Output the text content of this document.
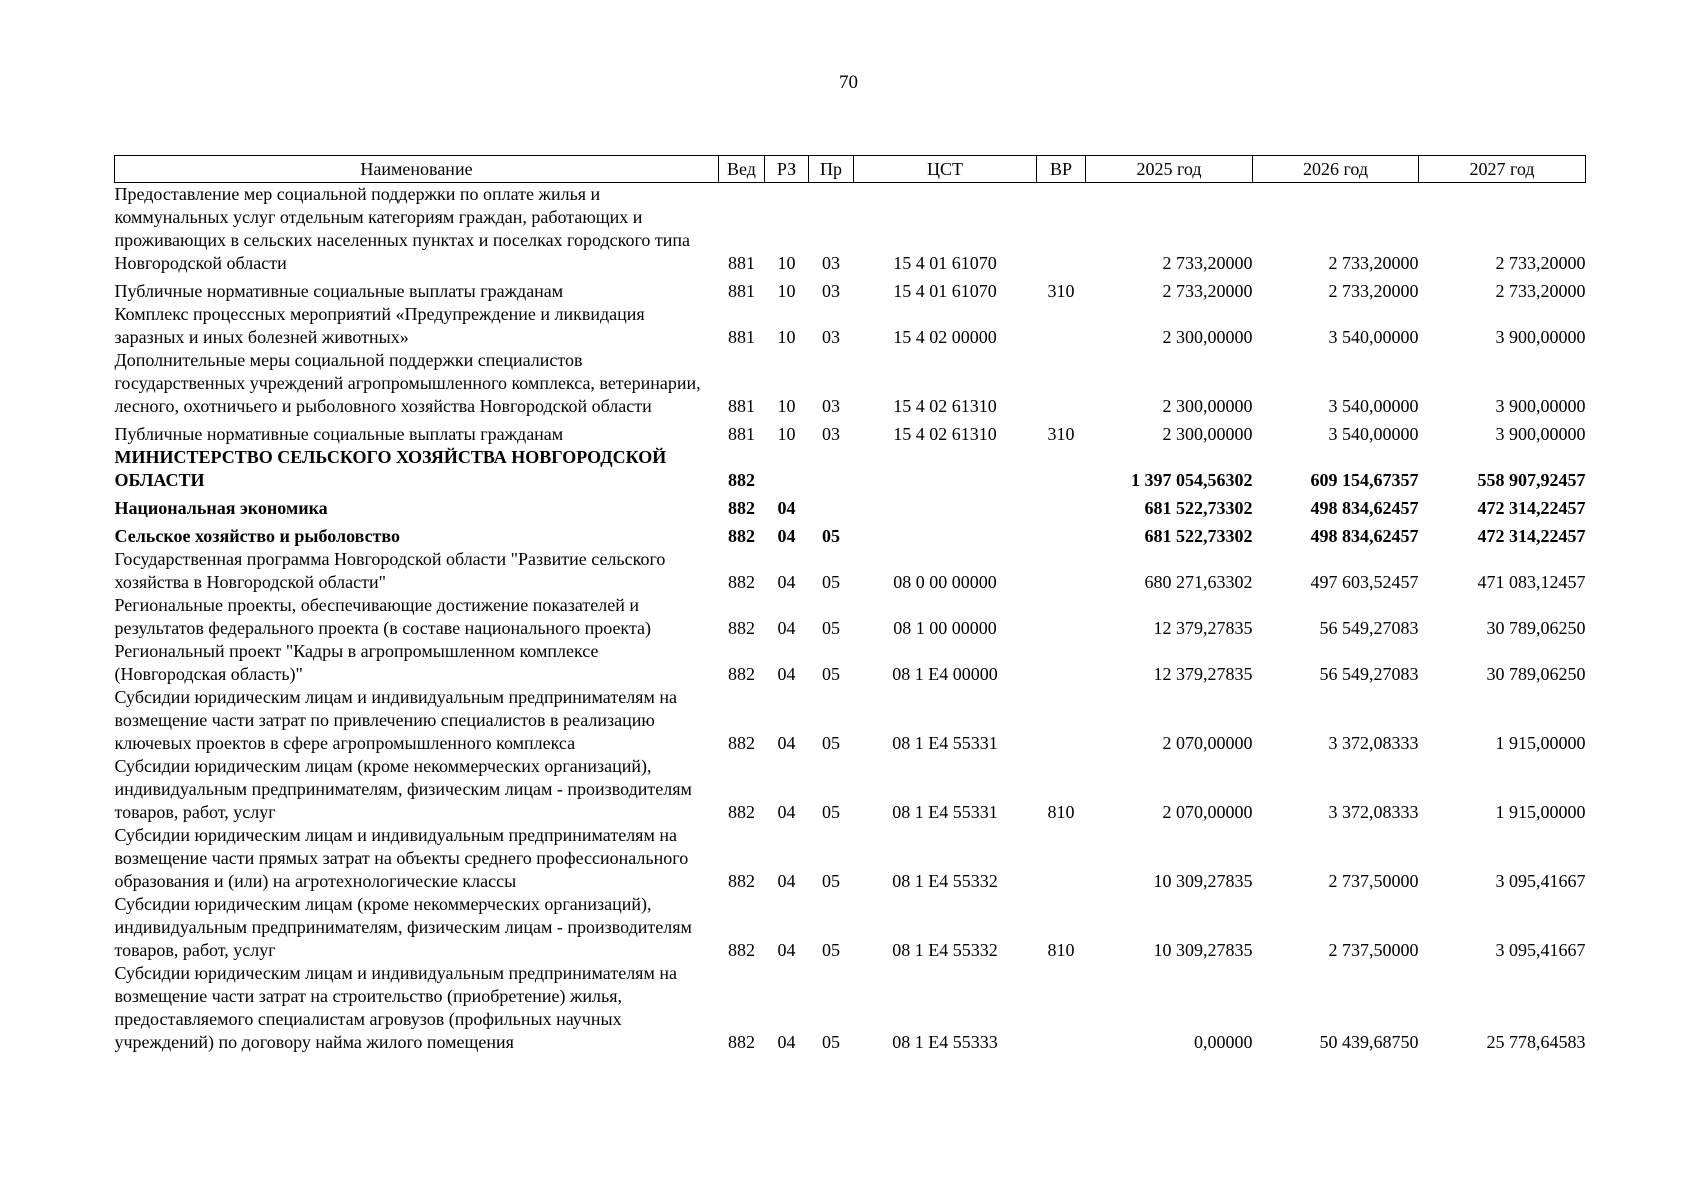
70
Наименование	Вед	РЗ	Пр	ЦСТ	ВР	2025 год	2026 год	2027 год
Предоставление мер социальной поддержки по оплате жилья и коммунальных услуг отдельным категориям граждан, работающих и проживающих в сельских населенных пунктах и поселках городского типа Новгородской области	881	10	03	15 4 01 61070		2 733,20000	2 733,20000	2 733,20000
Публичные нормативные социальные выплаты гражданам	881	10	03	15 4 01 61070	310	2 733,20000	2 733,20000	2 733,20000
Комплекс процессных мероприятий «Предупреждение и ликвидация заразных и иных болезней животных»	881	10	03	15 4 02 00000		2 300,00000	3 540,00000	3 900,00000
Дополнительные меры социальной поддержки специалистов государственных учреждений агропромышленного комплекса, ветеринарии, лесного, охотничьего и рыболовного хозяйства Новгородской области	881	10	03	15 4 02 61310		2 300,00000	3 540,00000	3 900,00000
Публичные нормативные социальные выплаты гражданам	881	10	03	15 4 02 61310	310	2 300,00000	3 540,00000	3 900,00000
МИНИСТЕРСТВО СЕЛЬСКОГО ХОЗЯЙСТВА НОВГОРОДСКОЙ ОБЛАСТИ	882					1 397 054,56302	609 154,67357	558 907,92457
Национальная экономика	882	04				681 522,73302	498 834,62457	472 314,22457
Сельское хозяйство и рыболовство	882	04	05			681 522,73302	498 834,62457	472 314,22457
Государственная программа Новгородской области "Развитие сельского хозяйства в Новгородской области"	882	04	05	08 0 00 00000		680 271,63302	497 603,52457	471 083,12457
Региональные проекты, обеспечивающие достижение показателей и результатов федерального проекта (в составе национального проекта)	882	04	05	08 1 00 00000		12 379,27835	56 549,27083	30 789,06250
Региональный проект "Кадры в агропромышленном комплексе (Новгородская область)"	882	04	05	08 1 Е4 00000		12 379,27835	56 549,27083	30 789,06250
Субсидии юридическим лицам и индивидуальным предпринимателям на возмещение части затрат по привлечению специалистов в реализацию ключевых проектов в сфере агропромышленного комплекса	882	04	05	08 1 Е4 55331		2 070,00000	3 372,08333	1 915,00000
Субсидии юридическим лицам (кроме некоммерческих организаций), индивидуальным предпринимателям, физическим лицам - производителям товаров, работ, услуг	882	04	05	08 1 Е4 55331	810	2 070,00000	3 372,08333	1 915,00000
Субсидии юридическим лицам и индивидуальным предпринимателям на возмещение части прямых затрат на объекты среднего профессионального образования и (или) на агротехнологические классы	882	04	05	08 1 Е4 55332		10 309,27835	2 737,50000	3 095,41667
Субсидии юридическим лицам (кроме некоммерческих организаций), индивидуальным предпринимателям, физическим лицам - производителям товаров, работ, услуг	882	04	05	08 1 Е4 55332	810	10 309,27835	2 737,50000	3 095,41667
Субсидии юридическим лицам и индивидуальным предпринимателям на возмещение части затрат на строительство (приобретение) жилья, предоставляемого специалистам агровузов (профильных научных учреждений) по договору найма жилого помещения	882	04	05	08 1 Е4 55333		0,00000	50 439,68750	25 778,64583
